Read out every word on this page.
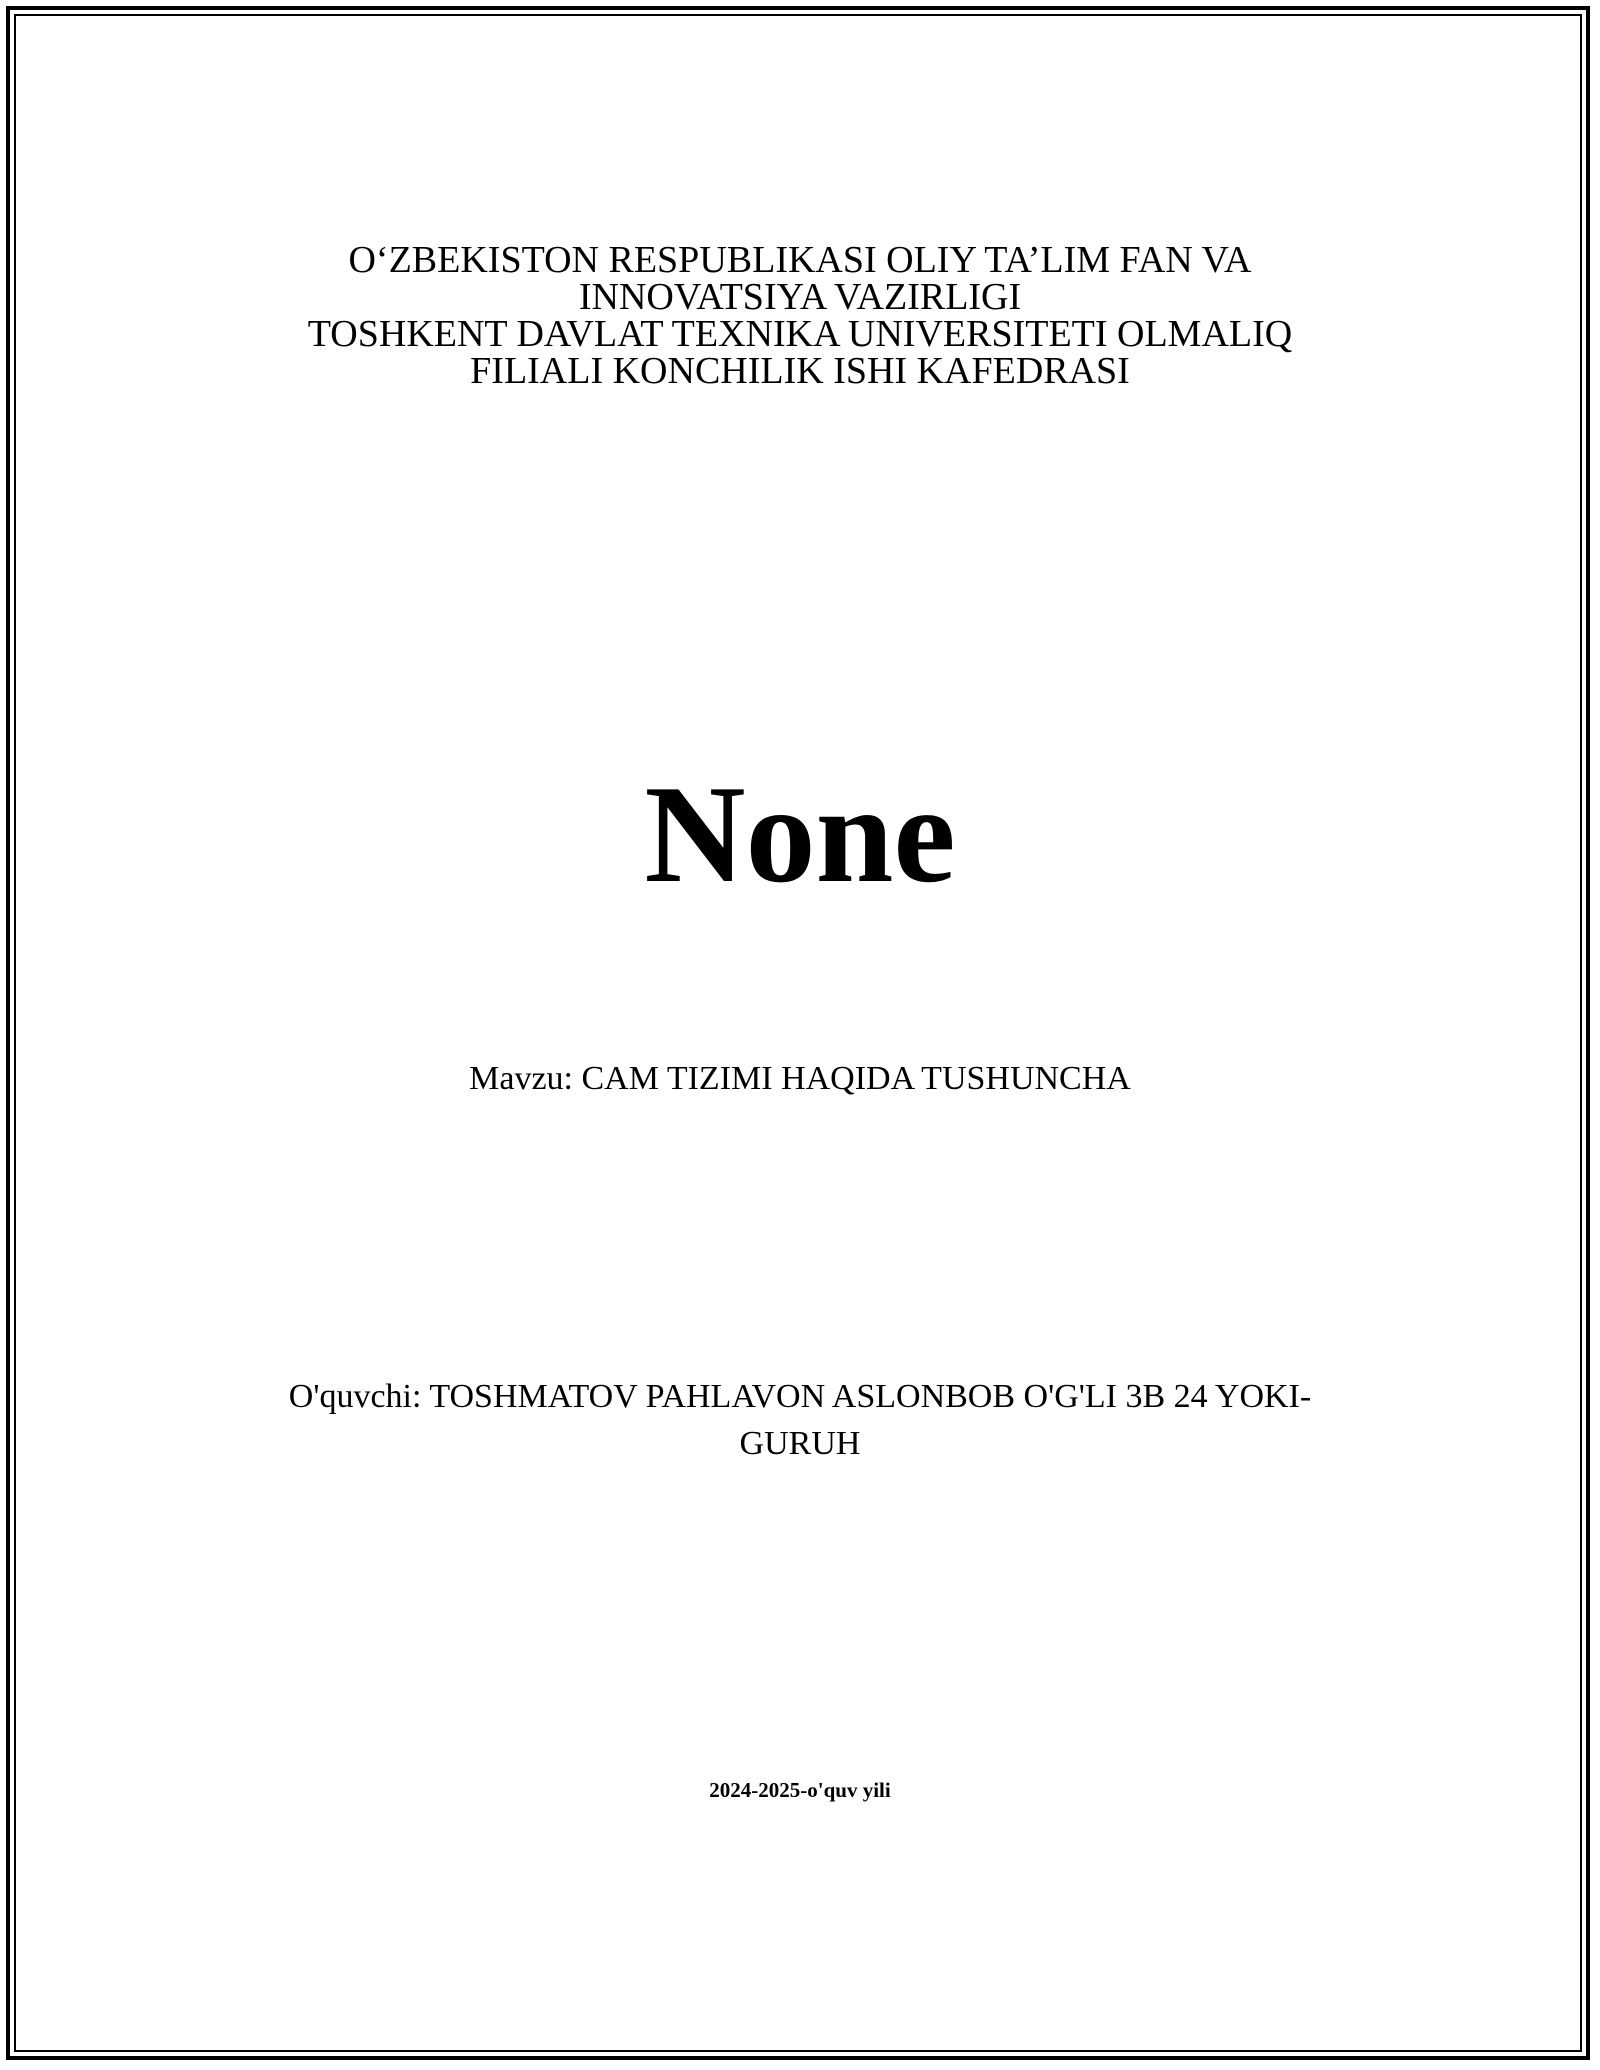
O‘ZBEKISTON RESPUBLIKASI OLIY TA’LIM FAN VA
INNOVATSIYA VAZIRLIGI
TOSHKENT DAVLAT TEXNIKA UNIVERSITETI OLMALIQ
FILIALI KONCHILIK ISHI KAFEDRASI
None
Mavzu: CAM TIZIMI HAQIDA TUSHUNCHA
O'quvchi: TOSHMATOV PAHLAVON ASLONBOB O'G'LI 3B 24 YOKI-
GURUH
2024-2025-o'quv yili
